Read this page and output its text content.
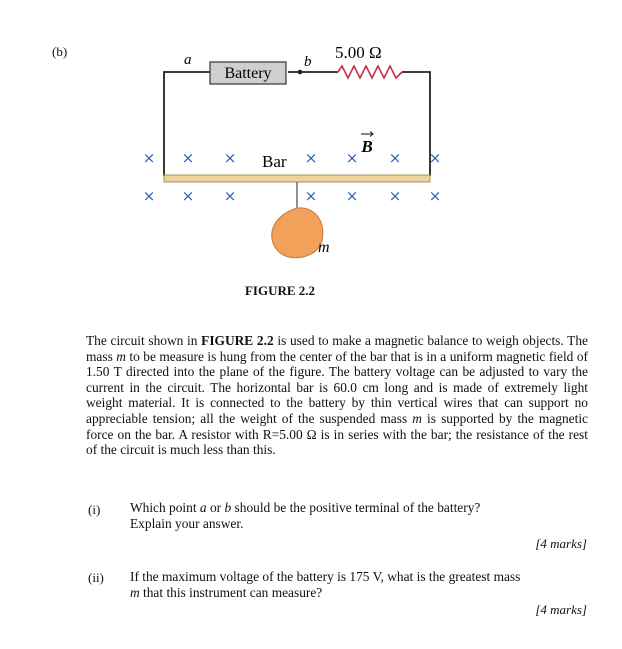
(b)
Battery
a	b 5.00 Ω
B
Bar
m
× × ×	× × × ×
× × ×	× × × ×
FIGURE 2.2
The circuit shown in FIGURE 2.2 is used to make a magnetic balance to weigh objects. The mass m to be measure is hung from the center of the bar that is in a uniform magnetic field of 1.50 T directed into the plane of the figure. The battery voltage can be adjusted to vary the current in the circuit. The horizontal bar is 60.0 cm long and is made of extremely light weight material. It is connected to the battery by thin vertical wires that can support no appreciable tension; all the weight of the suspended mass m is supported by the magnetic force on the bar. A resistor with R=5.00 Ω is in series with the bar; the resistance of the rest of the circuit is much less than this.
(i) Which point a or b should be the positive terminal of the battery?
Explain your answer.
[4 marks]
(ii) If the maximum voltage of the battery is 175 V, what is the greatest mass
m that this instrument can measure?
[4 marks]
